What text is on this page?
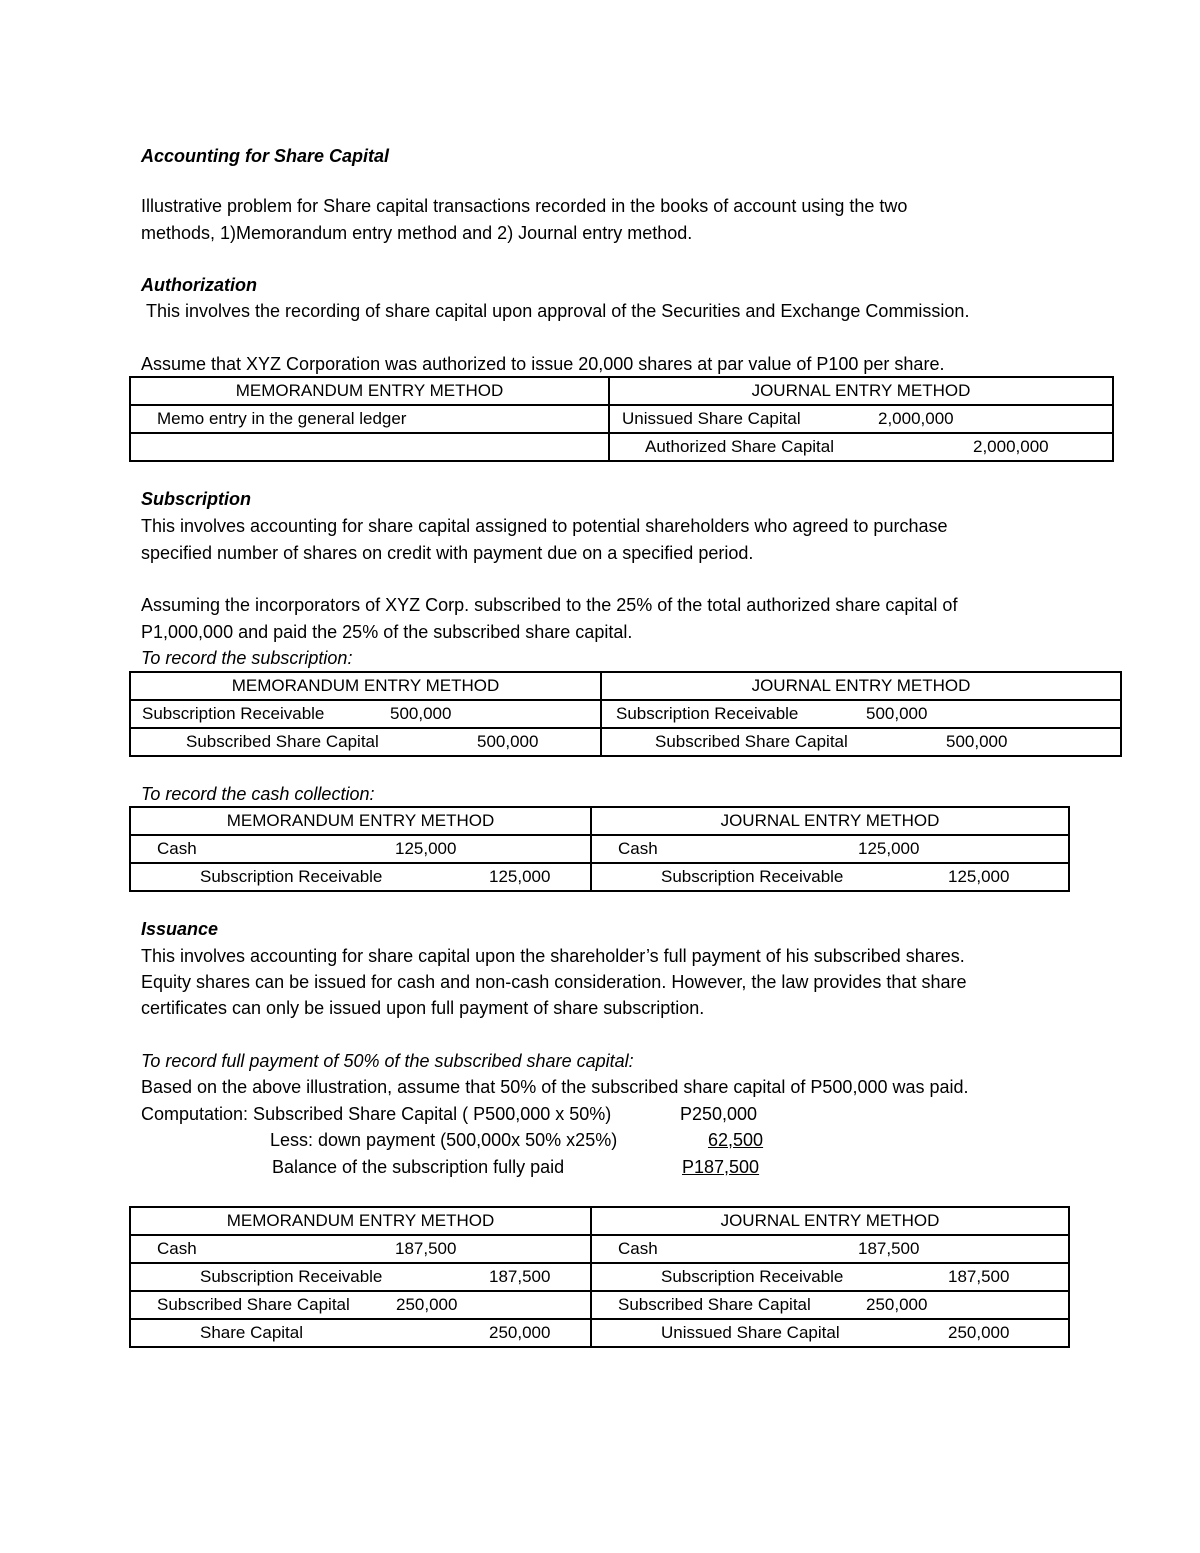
Accounting for Share Capital
Illustrative problem for Share capital transactions recorded in the books of account using the two
methods, 1)Memorandum entry method and 2) Journal entry method.
Authorization
This involves the recording of share capital upon approval of the Securities and Exchange Commission.
Assume that XYZ Corporation was authorized to issue 20,000 shares at par value of P100 per share.
MEMORANDUM ENTRY METHOD	JOURNAL ENTRY METHOD

Memo entry in the general ledger	Unissued Share Capital 2,000,000

	Authorized Share Capital 2,000,000
Subscription
This involves accounting for share capital assigned to potential shareholders who agreed to purchase
specified number of shares on credit with payment due on a specified period.
Assuming the incorporators of XYZ Corp. subscribed to the 25% of the total authorized share capital of
P1,000,000 and paid the 25% of the subscribed share capital.
To record the subscription:
MEMORANDUM ENTRY METHOD	JOURNAL ENTRY METHOD

Subscription Receivable 500,000	Subscription Receivable 500,000

Subscribed Share Capital 500,000	Subscribed Share Capital 500,000
To record the cash collection:
MEMORANDUM ENTRY METHOD	JOURNAL ENTRY METHOD

Cash 125,000	Cash 125,000

Subscription Receivable 125,000	Subscription Receivable 125,000
Issuance
This involves accounting for share capital upon the shareholder’s full payment of his subscribed shares.
Equity shares can be issued for cash and non-cash consideration. However, the law provides that share
certificates can only be issued upon full payment of share subscription.
To record full payment of 50% of the subscribed share capital:
Based on the above illustration, assume that 50% of the subscribed share capital of P500,000 was paid.
Computation: Subscribed Share Capital ( P500,000 x 50%)	P250,000
Less: down payment (500,000x 50% x25%)	62,500
Balance of the subscription fully paid	P187,500
MEMORANDUM ENTRY METHOD	JOURNAL ENTRY METHOD

Cash 187,500	Cash 187,500

Subscription Receivable 187,500	Subscription Receivable 187,500

Subscribed Share Capital 250,000	Subscribed Share Capital 250,000

Share Capital 250,000	Unissued Share Capital 250,000
